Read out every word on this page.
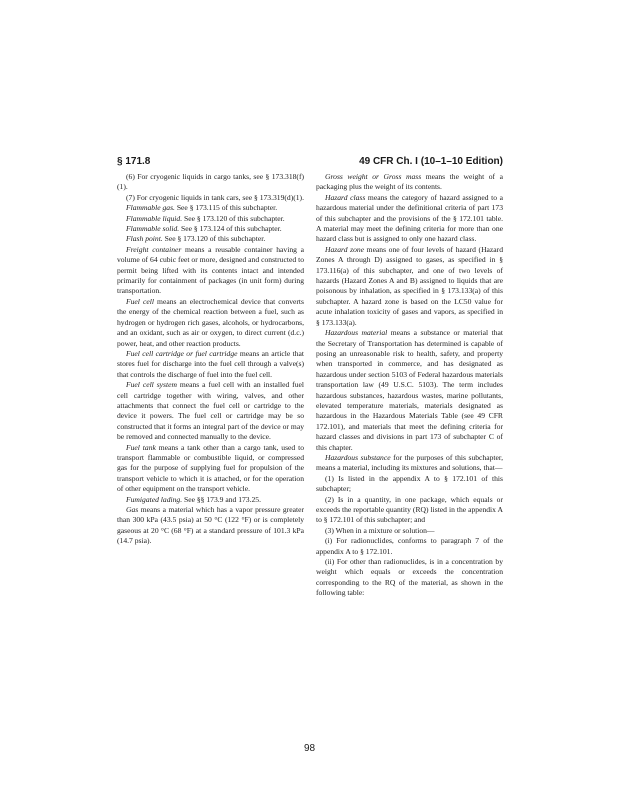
§ 171.8	49 CFR Ch. I (10–1–10 Edition)

(6) For cryogenic liquids in cargo tanks, see § 173.318(f)(1).

(7) For cryogenic liquids in tank cars, see § 173.319(d)(1).

Flammable gas. See § 173.115 of this subchapter.

Flammable liquid. See § 173.120 of this subchapter.

Flammable solid. See § 173.124 of this subchapter.

Flash point. See § 173.120 of this subchapter.

Freight container means a reusable container having a volume of 64 cubic feet or more, designed and constructed to permit being lifted with its contents intact and intended primarily for containment of packages (in unit form) during transportation.

Fuel cell means an electrochemical device that converts the energy of the chemical reaction between a fuel, such as hydrogen or hydrogen rich gases, alcohols, or hydrocarbons, and an oxidant, such as air or oxygen, to direct current (d.c.) power, heat, and other reaction products.

Fuel cell cartridge or fuel cartridge means an article that stores fuel for discharge into the fuel cell through a valve(s) that controls the discharge of fuel into the fuel cell.

Fuel cell system means a fuel cell with an installed fuel cell cartridge together with wiring, valves, and other attachments that connect the fuel cell or cartridge to the device it powers. The fuel cell or cartridge may be so constructed that it forms an integral part of the device or may be removed and connected manually to the device.

Fuel tank means a tank other than a cargo tank, used to transport flammable or combustible liquid, or compressed gas for the purpose of supplying fuel for propulsion of the transport vehicle to which it is attached, or for the operation of other equipment on the transport vehicle.

Fumigated lading. See §§ 173.9 and 173.25.

Gas means a material which has a vapor pressure greater than 300 kPa (43.5 psia) at 50 °C (122 °F) or is completely gaseous at 20 °C (68 °F) at a standard pressure of 101.3 kPa (14.7 psia).

Gross weight or Gross mass means the weight of a packaging plus the weight of its contents.

Hazard class means the category of hazard assigned to a hazardous material under the definitional criteria of part 173 of this subchapter and the provisions of the § 172.101 table. A material may meet the defining criteria for more than one hazard class but is assigned to only one hazard class.

Hazard zone means one of four levels of hazard (Hazard Zones A through D) assigned to gases, as specified in § 173.116(a) of this subchapter, and one of two levels of hazards (Hazard Zones A and B) assigned to liquids that are poisonous by inhalation, as specified in § 173.133(a) of this subchapter. A hazard zone is based on the LC50 value for acute inhalation toxicity of gases and vapors, as specified in § 173.133(a).

Hazardous material means a substance or material that the Secretary of Transportation has determined is capable of posing an unreasonable risk to health, safety, and property when transported in commerce, and has designated as hazardous under section 5103 of Federal hazardous materials transportation law (49 U.S.C. 5103). The term includes hazardous substances, hazardous wastes, marine pollutants, elevated temperature materials, materials designated as hazardous in the Hazardous Materials Table (see 49 CFR 172.101), and materials that meet the defining criteria for hazard classes and divisions in part 173 of subchapter C of this chapter.

Hazardous substance for the purposes of this subchapter, means a material, including its mixtures and solutions, that—

(1) Is listed in the appendix A to § 172.101 of this subchapter;

(2) Is in a quantity, in one package, which equals or exceeds the reportable quantity (RQ) listed in the appendix A to § 172.101 of this subchapter; and

(3) When in a mixture or solution—

(i) For radionuclides, conforms to paragraph 7 of the appendix A to § 172.101.

(ii) For other than radionuclides, is in a concentration by weight which equals or exceeds the concentration corresponding to the RQ of the material, as shown in the following table:

98
